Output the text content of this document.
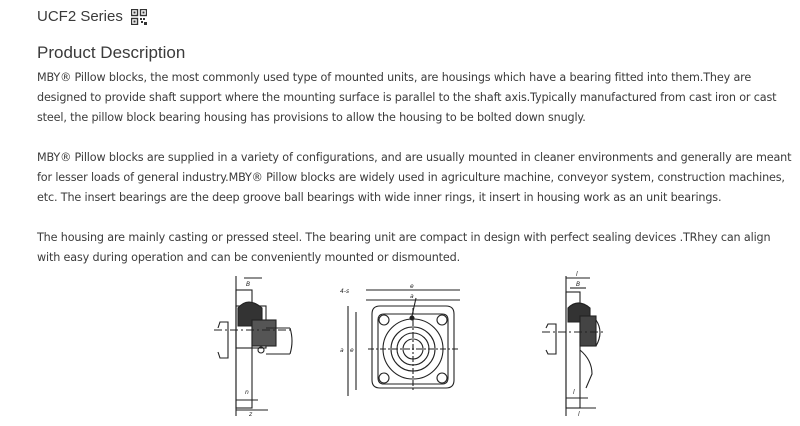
UCF2 Series
Product Description

MBY® Pillow blocks, the most commonly used type of mounted units, are housings which have a bearing fitted into them.They are designed to provide shaft support where the mounting surface is parallel to the shaft axis.Typically manufactured from cast iron or cast steel, the pillow block bearing housing has provisions to allow the housing to be bolted down snugly.

MBY® Pillow blocks are supplied in a variety of configurations, and are usually mounted in cleaner environments and generally are meant for lesser loads of general industry.MBY® Pillow blocks are widely used in agriculture machine, conveyor system, construction machines, etc. The insert bearings are the deep groove ball bearings with wide inner rings, it insert in housing work as an unit bearings.

The housing are mainly casting or pressed steel. The bearing unit are compact in design with perfect sealing devices .TRhey can align with easy during operation and can be conveniently mounted or dismounted.

B
n
z
e
a
4-s
a e
l
B
l
l
